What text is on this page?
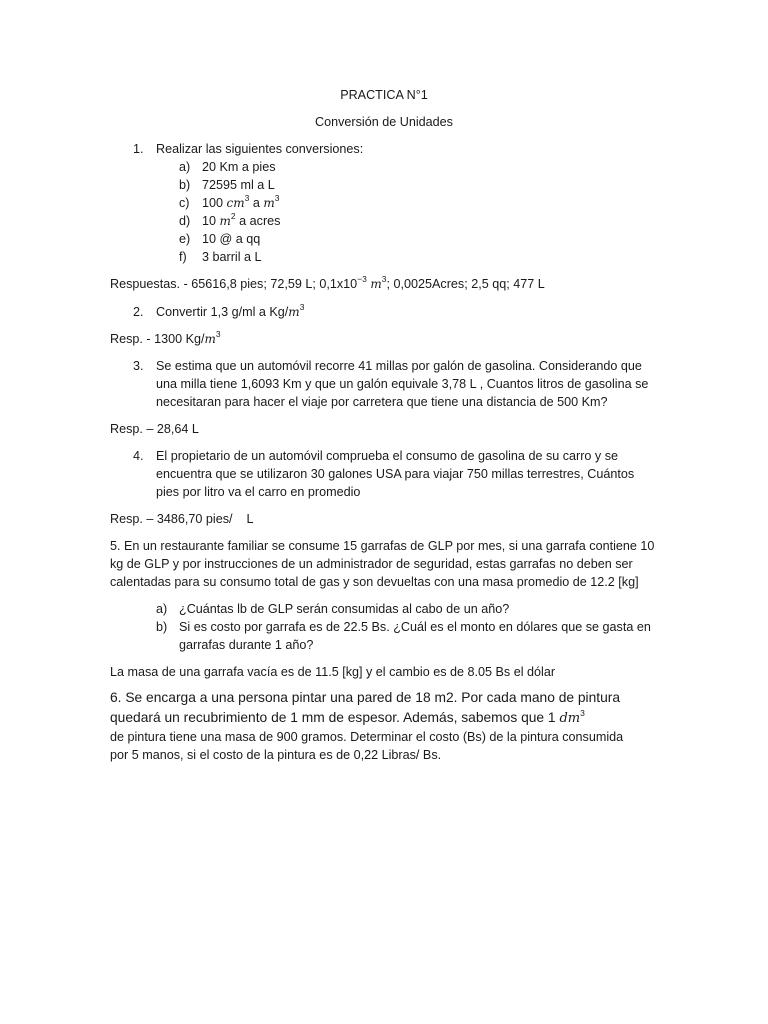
PRACTICA N°1
Conversión de Unidades
1. Realizar las siguientes conversiones:
a) 20 Km a pies
b) 72595 ml a L
c) 100 $cm^3$ a $m^3$
d) 10 $m^2$ a acres
e) 10 @ a qq
f) 3 barril a L
Respuestas. - 65616,8 pies; 72,59 L; $0,1x10^{-3}$ $m^3$; 0,0025Acres; 2,5 qq; 477 L
2. Convertir 1,3 g/ml a $Kg/m^3$
Resp. - 1300 $Kg/m^3$
3. Se estima que un automóvil recorre 41 millas por galón de gasolina. Considerando que
una milla tiene 1,6093 Km y que un galón equivale 3,78 L , Cuantos litros de gasolina se
necesitaran para hacer el viaje por carretera que tiene una distancia de 500 Km?
Resp. – 28,64 L
4. El propietario de un automóvil comprueba el consumo de gasolina de su carro y se
encuentra que se utilizaron 30 galones USA para viajar 750 millas terrestres, Cuántos
pies por litro va el carro en promedio
Resp. – 3486,70 pies/    L
5. En un restaurante familiar se consume 15 garrafas de GLP por mes, si una garrafa contiene 10
kg de GLP y por instrucciones de un administrador de seguridad, estas garrafas no deben ser
calentadas para su consumo total de gas y son devueltas con una masa promedio de 12.2 [kg]
a) ¿Cuántas lb de GLP serán consumidas al cabo de un año?
b) Si es costo por garrafa es de 22.5 Bs. ¿Cuál es el monto en dólares que se gasta en
garrafas durante 1 año?
La masa de una garrafa vacía es de 11.5 [kg] y el cambio es de 8.05 Bs el dólar
6. Se encarga a una persona pintar una pared de 18 m2. Por cada mano de pintura
quedará un recubrimiento de 1 mm de espesor. Además, sabemos que 1 $dm^3$
de pintura tiene una masa de 900 gramos. Determinar el costo (Bs) de la pintura consumida
por 5 manos, si el costo de la pintura es de 0,22 Libras/ Bs.
